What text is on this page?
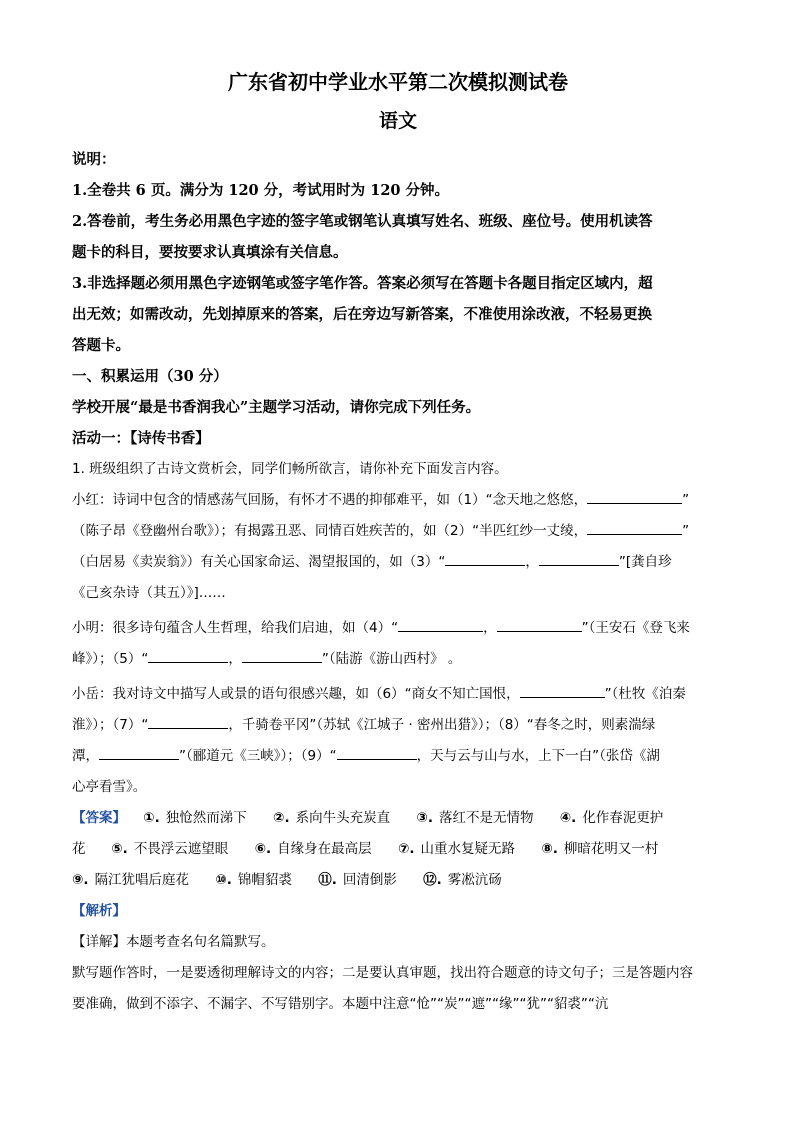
广东省初中学业水平第二次模拟测试卷

语文

说明：

1.全卷共 6 页。满分为 120 分，考试用时为 120 分钟。

2.答卷前，考生务必用黑色字迹的签字笔或钢笔认真填写姓名、班级、座位号。使用机读答

题卡的科目，要按要求认真填涂有关信息。

3.非选择题必须用黑色字迹钢笔或签字笔作答。答案必须写在答题卡各题目指定区域内，超

出无效；如需改动，先划掉原来的答案，后在旁边写新答案，不准使用涂改液，不轻易更换

答题卡。

一、积累运用（30 分）

学校开展“最是书香润我心”主题学习活动，请你完成下列任务。

活动一：【诗传书香】

1. 班级组织了古诗文赏析会，同学们畅所欲言，请你补充下面发言内容。

小红：诗词中包含的情感荡气回肠，有怀才不遇的抑郁难平，如（1）“念天地之悠悠，	”

（陈子昂《登幽州台歌》）；有揭露丑恶、同情百姓疾苦的，如（2）“半匹红纱一丈绫，	”

（白居易《卖炭翁》）有关心国家命运、渴望报国的，如（3）“	，	”[龚自珍

《己亥杂诗（其五）》]……

小明：很多诗句蕴含人生哲理，给我们启迪，如（4）“	，	”（王安石《登飞来

峰》）；（5）“	，	”（陆游《游山西村》 。

小岳：我对诗文中描写人或景的语句很感兴趣，如（6）“商女不知亡国恨，	”（杜牧《泊秦

淮》）；（7）“	，千骑卷平冈”（苏轼《江城子 · 密州出猎》）；（8）“春冬之时，则素湍绿

潭，	”（郦道元《三峡》）；（9）“	，天与云与山与水，上下一白”（张岱《湖

心亭看雪》。

【答案】 ①. 独怆然而涕下 ②. 系向牛头充炭直 ③. 落红不是无情物 ④. 化作春泥更护

花 ⑤. 不畏浮云遮望眼 ⑥. 自缘身在最高层 ⑦. 山重水复疑无路 ⑧. 柳暗花明又一村

⑨. 隔江犹唱后庭花 ⑩. 锦帽貂裘 ⑪. 回清倒影 ⑫. 雾凇沆砀

【解析】

【详解】本题考查名句名篇默写。

默写题作答时，一是要透彻理解诗文的内容；二是要认真审题，找出符合题意的诗文句子；三是答题内容

要准确，做到不添字、不漏字、不写错别字。本题中注意“怆”“炭”“遮”“缘”“犹”“貂裘”“沆
